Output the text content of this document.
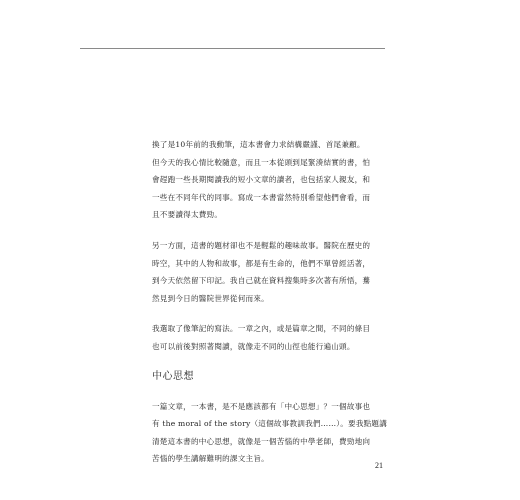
換了是10年前的我動筆，這本書會力求結構嚴謹、首尾兼顧。
但今天的我心情比較隨意，而且一本從頭到尾緊湊結實的書，怕
會趕跑一些長期閱讀我的短小文章的讀者，也包括家人親友，和
一些在不同年代的同事。寫成一本書當然特別希望他們會看，而
且不要讀得太費勁。

另一方面，這書的題材卻也不是輕鬆的趣味故事。醫院在歷史的
時空，其中的人物和故事，都是有生命的，他們不單曾經活著，
到今天依然留下印記。我自己就在資料搜集時多次著有所悟，驀
然見到今日的醫院世界從何而來。

我選取了像筆記的寫法。一章之內，或是篇章之間，不同的條目
也可以前後對照著閱讀，就像走不同的山徑也能行遍山頭。

中心思想

一篇文章，一本書，是不是應該都有「中心思想」？一個故事也
有 the moral of the story（這個故事教訓我們……）。要我點題講
清楚這本書的中心思想，就像是一個苦惱的中學老師，費勁地向
苦惱的學生講解難明的課文主旨。

21
